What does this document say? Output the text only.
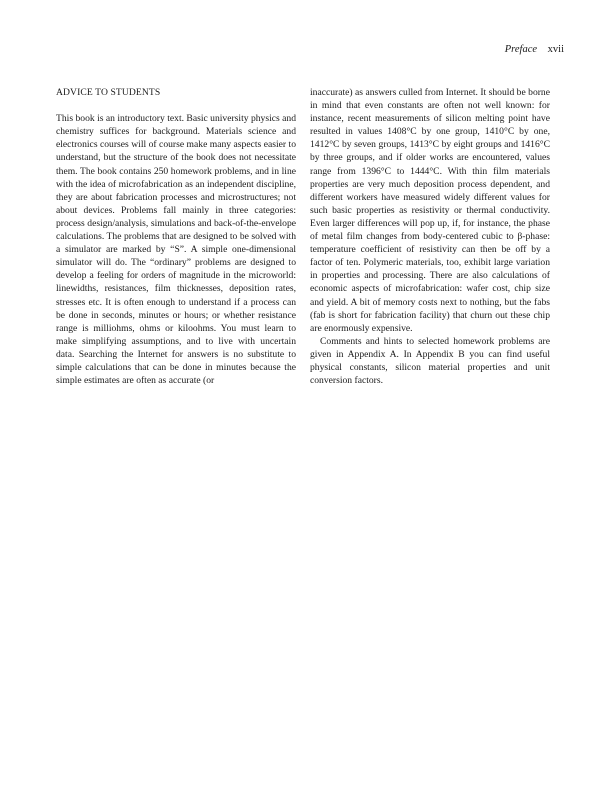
Preface xvii
ADVICE TO STUDENTS

This book is an introductory text. Basic university physics and chemistry suffices for background. Materials science and electronics courses will of course make many aspects easier to understand, but the structure of the book does not necessitate them. The book contains 250 homework problems, and in line with the idea of microfabrication as an independent discipline, they are about fabrication processes and microstructures; not about devices. Problems fall mainly in three categories: process design/analysis, simulations and back-of-the-envelope calculations. The problems that are designed to be solved with a simulator are marked by “S”. A simple one-dimensional simulator will do. The “ordinary” problems are designed to develop a feeling for orders of magnitude in the microworld: linewidths, resistances, film thicknesses, deposition rates, stresses etc. It is often enough to understand if a process can be done in seconds, minutes or hours; or whether resistance range is milliohms, ohms or kiloohms. You must learn to make simplifying assumptions, and to live with uncertain data. Searching the Internet for answers is no substitute to simple calculations that can be done in minutes because the simple estimates are often as accurate (or

inaccurate) as answers culled from Internet. It should be borne in mind that even constants are often not well known: for instance, recent measurements of silicon melting point have resulted in values 1408°C by one group, 1410°C by one, 1412°C by seven groups, 1413°C by eight groups and 1416°C by three groups, and if older works are encountered, values range from 1396°C to 1444°C. With thin film materials properties are very much deposition process dependent, and different workers have measured widely different values for such basic properties as resistivity or thermal conductivity. Even larger differences will pop up, if, for instance, the phase of metal film changes from body-centered cubic to β-phase: temperature coefficient of resistivity can then be off by a factor of ten. Polymeric materials, too, exhibit large variation in properties and processing. There are also calculations of economic aspects of microfabrication: wafer cost, chip size and yield. A bit of memory costs next to nothing, but the fabs (fab is short for fabrication facility) that churn out these chip are enormously expensive.

Comments and hints to selected homework problems are given in Appendix A. In Appendix B you can find useful physical constants, silicon material properties and unit conversion factors.
